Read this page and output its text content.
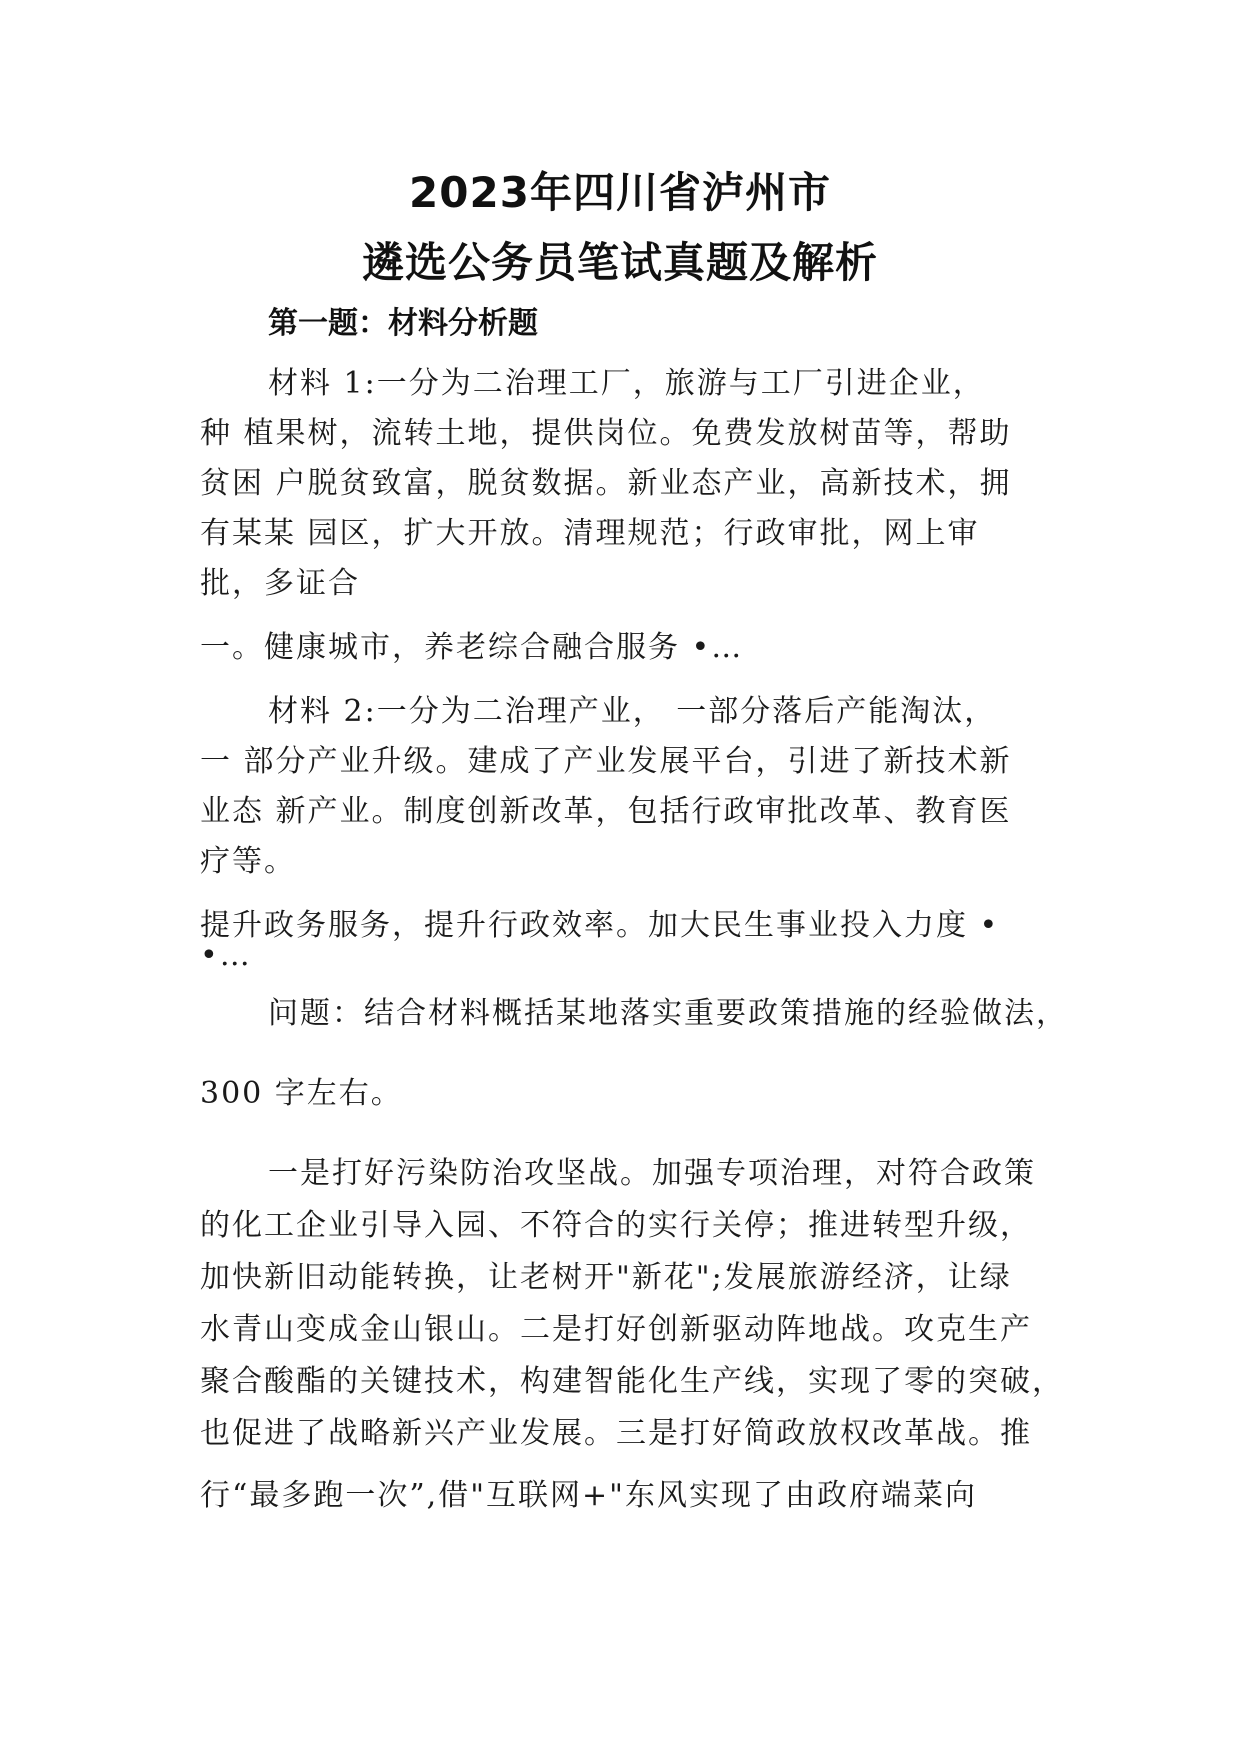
2023年四川省泸州市
遴选公务员笔试真题及解析
第一题：材料分析题
材料 1:一分为二治理工厂，旅游与工厂引进企业，
种 植果树，流转土地，提供岗位。免费发放树苗等，帮助
贫困 户脱贫致富，脱贫数据。新业态产业，高新技术，拥
有某某 园区，扩大开放。清理规范；行政审批，网上审
批，多证合
一。健康城市，养老综合融合服务 •…
材料 2:一分为二治理产业， 一部分落后产能淘汰，
一 部分产业升级。建成了产业发展平台，引进了新技术新
业态 新产业。制度创新改革，包括行政审批改革、教育医
疗等。
提升政务服务，提升行政效率。加大民生事业投入力度 •
•…
问题：结合材料概括某地落实重要政策措施的经验做法，
300 字左右。
一是打好污染防治攻坚战。加强专项治理，对符合政策
的化工企业引导入园、不符合的实行关停；推进转型升级，
加快新旧动能转换，让老树开"新花";发展旅游经济，让绿
水青山变成金山银山。二是打好创新驱动阵地战。攻克生产
聚合酸酯的关键技术，构建智能化生产线，实现了零的突破，
也促进了战略新兴产业发展。三是打好简政放权改革战。推
行“最多跑一次”,借"互联网+"东风实现了由政府端菜向
